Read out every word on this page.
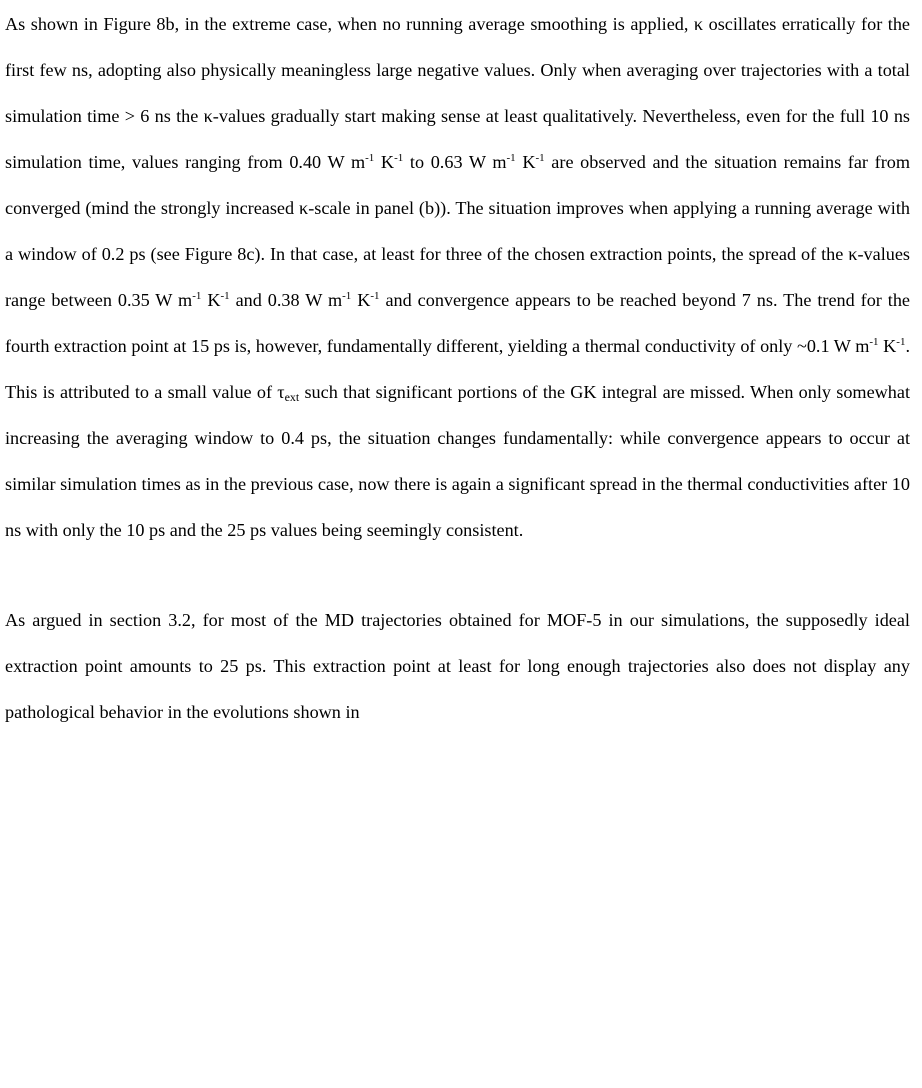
As shown in Figure 8b, in the extreme case, when no running average smoothing is applied, κ oscillates erratically for the first few ns, adopting also physically meaningless large negative values. Only when averaging over trajectories with a total simulation time > 6 ns the κ-values gradually start making sense at least qualitatively. Nevertheless, even for the full 10 ns simulation time, values ranging from 0.40 W $m^{-1}$ $K^{-1}$ to 0.63 W $m^{-1}$ $K^{-1}$ are observed and the situation remains far from converged (mind the strongly increased κ-scale in panel (b)). The situation improves when applying a running average with a window of 0.2 ps (see Figure 8c). In that case, at least for three of the chosen extraction points, the spread of the κ-values range between 0.35 W $m^{-1}$ $K^{-1}$ and 0.38 W $m^{-1}$ $K^{-1}$ and convergence appears to be reached beyond 7 ns. The trend for the fourth extraction point at 15 ps is, however, fundamentally different, yielding a thermal conductivity of only ~0.1 W $m^{-1}$ $K^{-1}$. This is attributed to a small value of $\tau_{ext}$ such that significant portions of the GK integral are missed. When only somewhat increasing the averaging window to 0.4 ps, the situation changes fundamentally: while convergence appears to occur at similar simulation times as in the previous case, now there is again a significant spread in the thermal conductivities after 10 ns with only the 10 ps and the 25 ps values being seemingly consistent.

As argued in section 3.2, for most of the MD trajectories obtained for MOF-5 in our simulations, the supposedly ideal extraction point amounts to 25 ps. This extraction point at least for long enough trajectories also does not display any pathological behavior in the evolutions shown in
